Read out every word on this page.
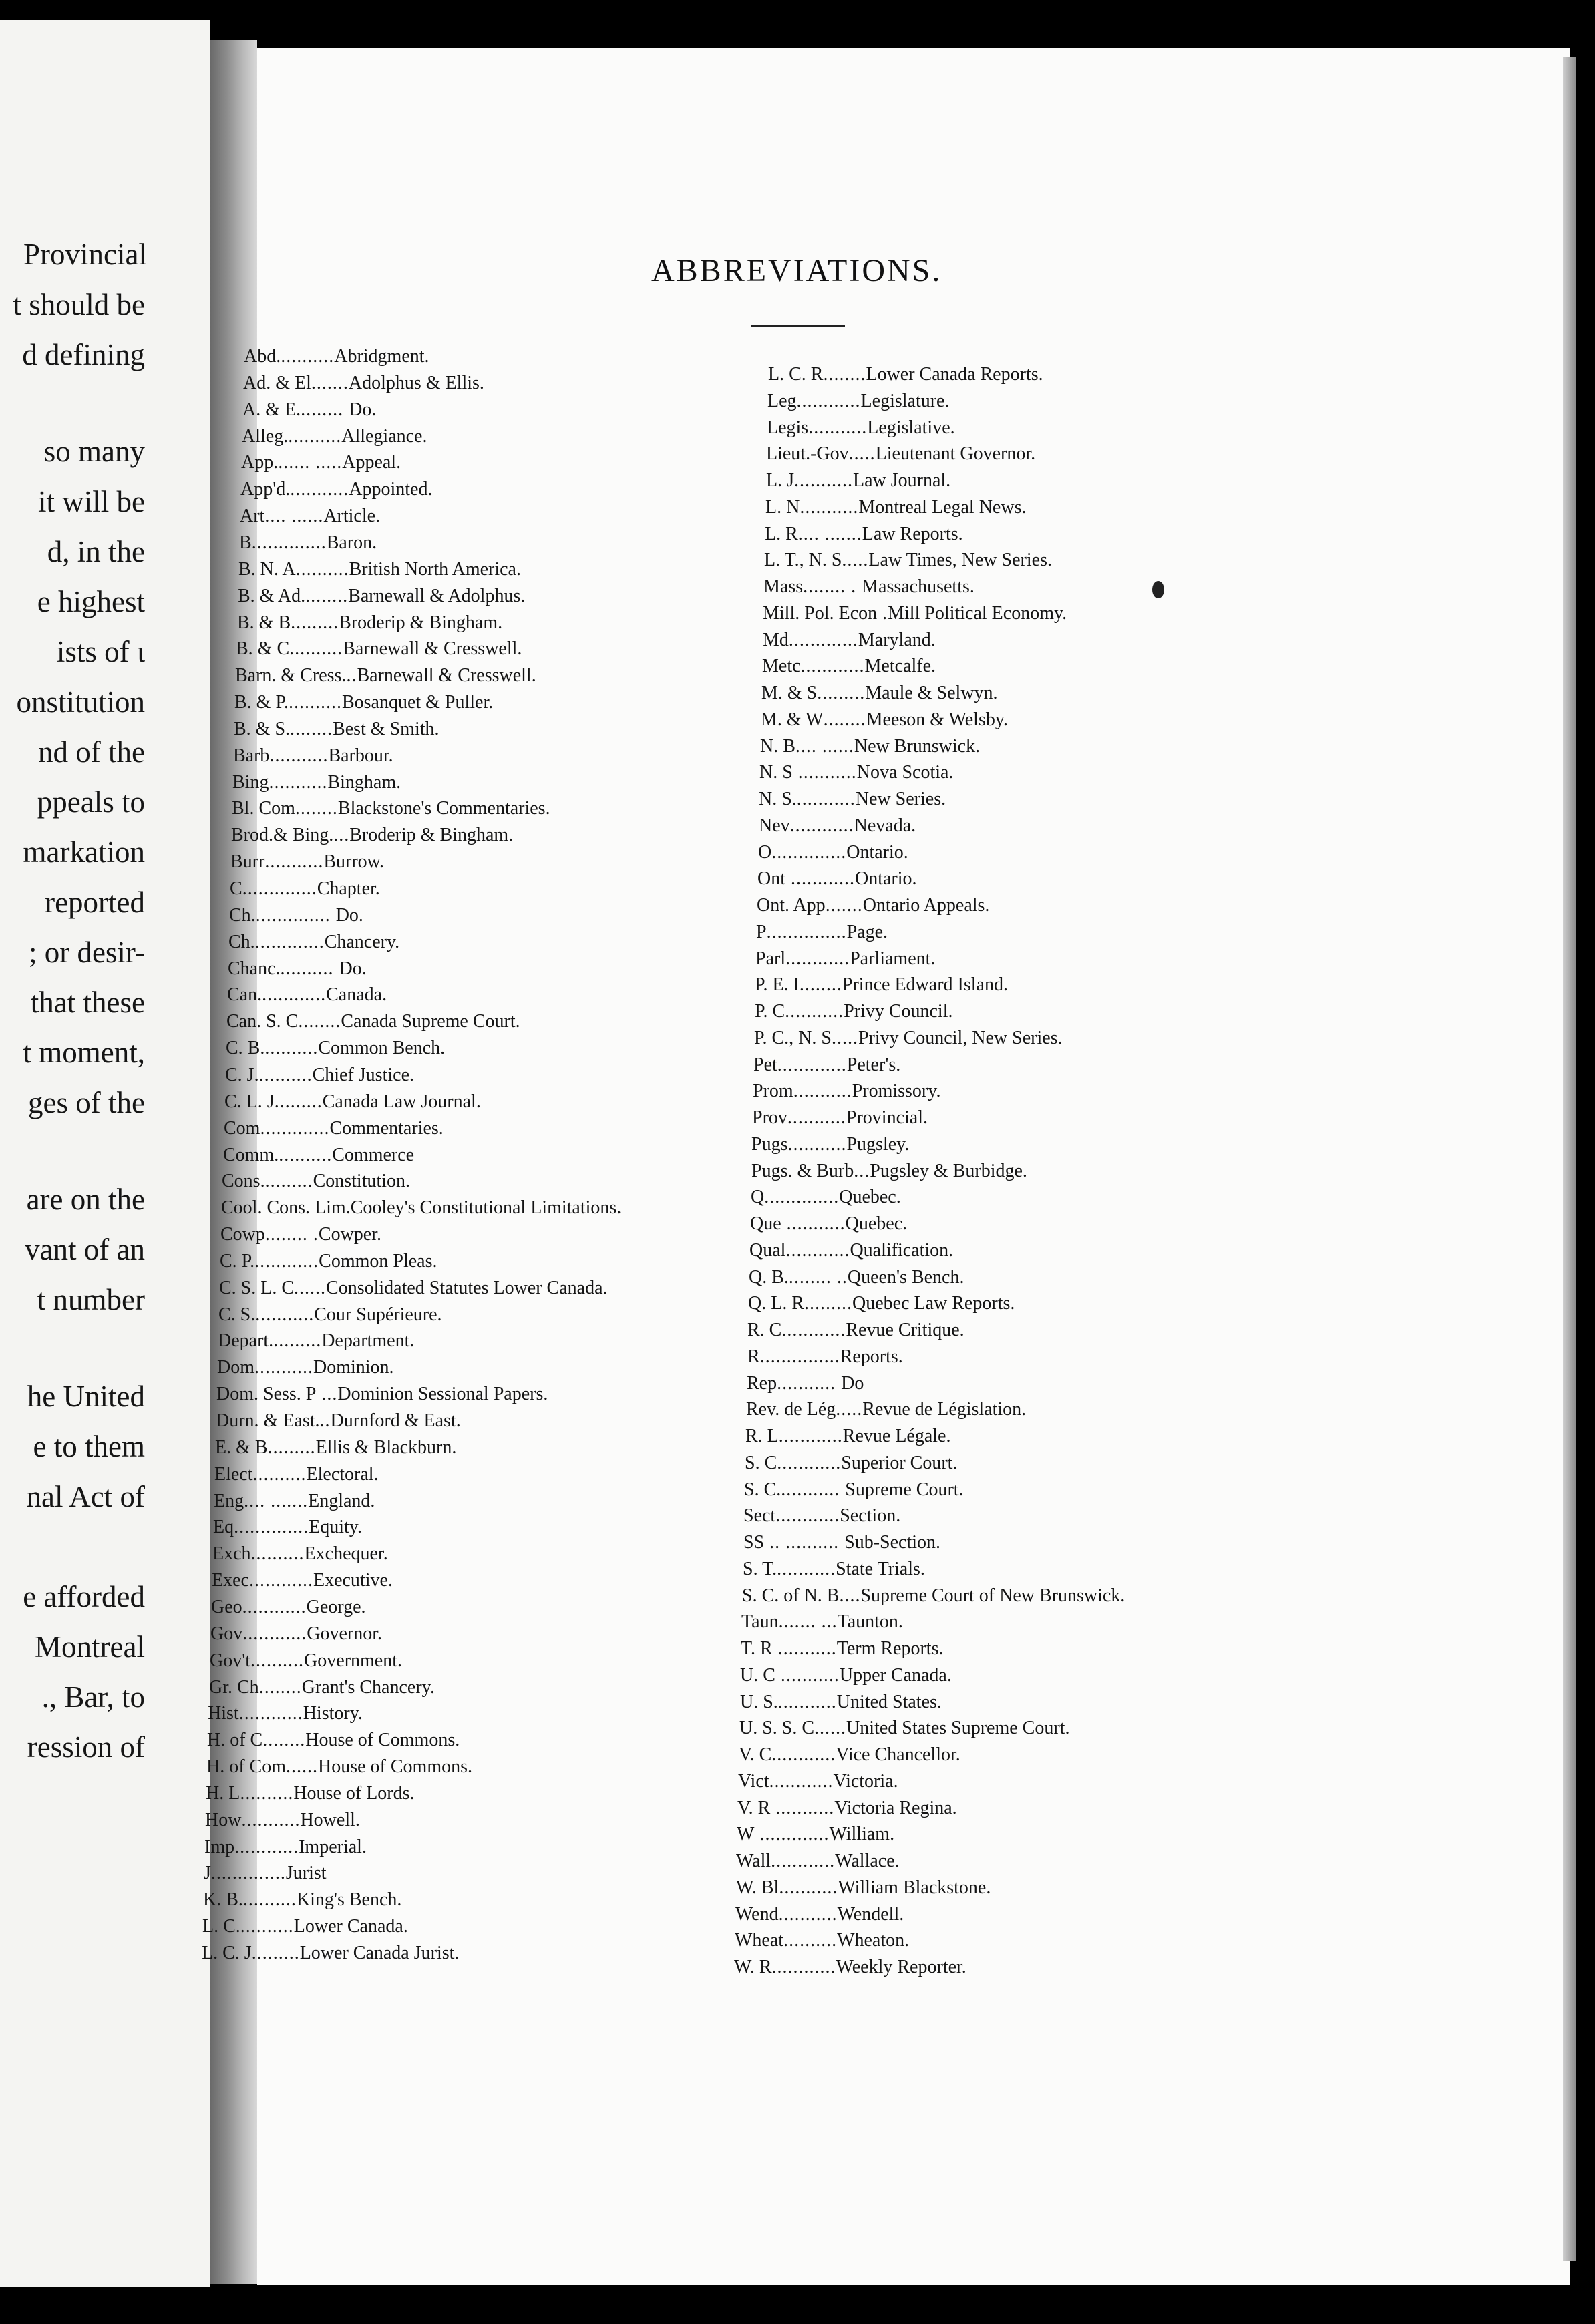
Provincial
t should be
d defining
so many
it will be
d, in the
e highest
ists of ι
onstitution
nd of the
ppeals to
markation
reported
; or desir-
that these
t moment,
ges of the
are on the
vant of an
t number
he United
e to them
nal Act of
e afforded
Montreal
., Bar, to
ression of
ABBREVIATIONS.
Abd...........Abridgment.
Ad. & El.......Adolphus & Ellis.
A. & E......... Do.
Alleg...........Allegiance.
App....... .....Appeal.
App'd............Appointed.
Art.... ......Article.
B..............Baron.
B. N. A..........British North America.
B. & Ad.........Barnewall & Adolphus.
B. & B.........Broderip & Bingham.
B. & C..........Barnewall & Cresswell.
Barn. & Cress...Barnewall & Cresswell.
B. & P...........Bosanquet & Puller.
B. & S.........Best & Smith.
Barb...........Barbour.
Bing...........Bingham.
Bl. Com........Blackstone's Commentaries.
Brod.& Bing....Broderip & Bingham.
Burr...........Burrow.
C..............Chapter.
Ch............... Do.
Ch..............Chancery.
Chanc........... Do.
Can.............Canada.
Can. S. C........Canada Supreme Court.
C. B...........Common Bench.
C. J...........Chief Justice.
C. L. J.........Canada Law Journal.
Com.............Commentaries.
Comm...........Commerce
Cons..........Constitution.
Cool. Cons. Lim.Cooley's Constitutional Limitations.
Cowp........ .Cowper.
C. P.............Common Pleas.
C. S. L. C......Consolidated Statutes Lower Canada.
C. S............Cour Supérieure.
Depart..........Department.
Dom...........Dominion.
Dom. Sess. P ...Dominion Sessional Papers.
Durn. & East...Durnford & East.
E. & B.........Ellis & Blackburn.
Elect..........Electoral.
Eng.... .......England.
Eq..............Equity.
Exch..........Exchequer.
Exec............Executive.
Geo............George.
Gov............Governor.
Gov't..........Government.
Gr. Ch........Grant's Chancery.
Hist............History.
H. of C........House of Commons.
H. of Com......House of Commons.
H. L..........House of Lords.
How...........Howell.
Imp............Imperial.
J..............Jurist
K. B...........King's Bench.
L. C...........Lower Canada.
L. C. J.........Lower Canada Jurist.
L. C. R........Lower Canada Reports.
Leg............Legislature.
Legis...........Legislative.
Lieut.-Gov.....Lieutenant Governor.
L. J...........Law Journal.
L. N...........Montreal Legal News.
L. R.... .......Law Reports.
L. T., N. S.....Law Times, New Series.
Mass........ . Massachusetts.
Mill. Pol. Econ .Mill Political Economy.
Md.............Maryland.
Metc............Metcalfe.
M. & S.........Maule & Selwyn.
M. & W........Meeson & Welsby.
N. B.... ......New Brunswick.
N. S ...........Nova Scotia.
N. S............New Series.
Nev............Nevada.
O..............Ontario.
Ont ............Ontario.
Ont. App.......Ontario Appeals.
P...............Page.
Parl............Parliament.
P. E. I........Prince Edward Island.
P. C...........Privy Council.
P. C., N. S.....Privy Council, New Series.
Pet.............Peter's.
Prom...........Promissory.
Prov...........Provincial.
Pugs...........Pugsley.
Pugs. & Burb...Pugsley & Burbidge.
Q..............Quebec.
Que ...........Quebec.
Qual............Qualification.
Q. B......... ..Queen's Bench.
Q. L. R.........Quebec Law Reports.
R. C............Revue Critique.
R...............Reports.
Rep........... Do
Rev. de Lég.....Revue de Législation.
R. L............Revue Légale.
S. C............Superior Court.
S. C............ Supreme Court.
Sect............Section.
SS .. .......... Sub-Section.
S. T............State Trials.
S. C. of N. B....Supreme Court of New Brunswick.
Taun....... ...Taunton.
T. R ...........Term Reports.
U. C ...........Upper Canada.
U. S............United States.
U. S. S. C......United States Supreme Court.
V. C............Vice Chancellor.
Vict............Victoria.
V. R ...........Victoria Regina.
W .............William.
Wall............Wallace.
W. Bl...........William Blackstone.
Wend...........Wendell.
Wheat..........Wheaton.
W. R............Weekly Reporter.
